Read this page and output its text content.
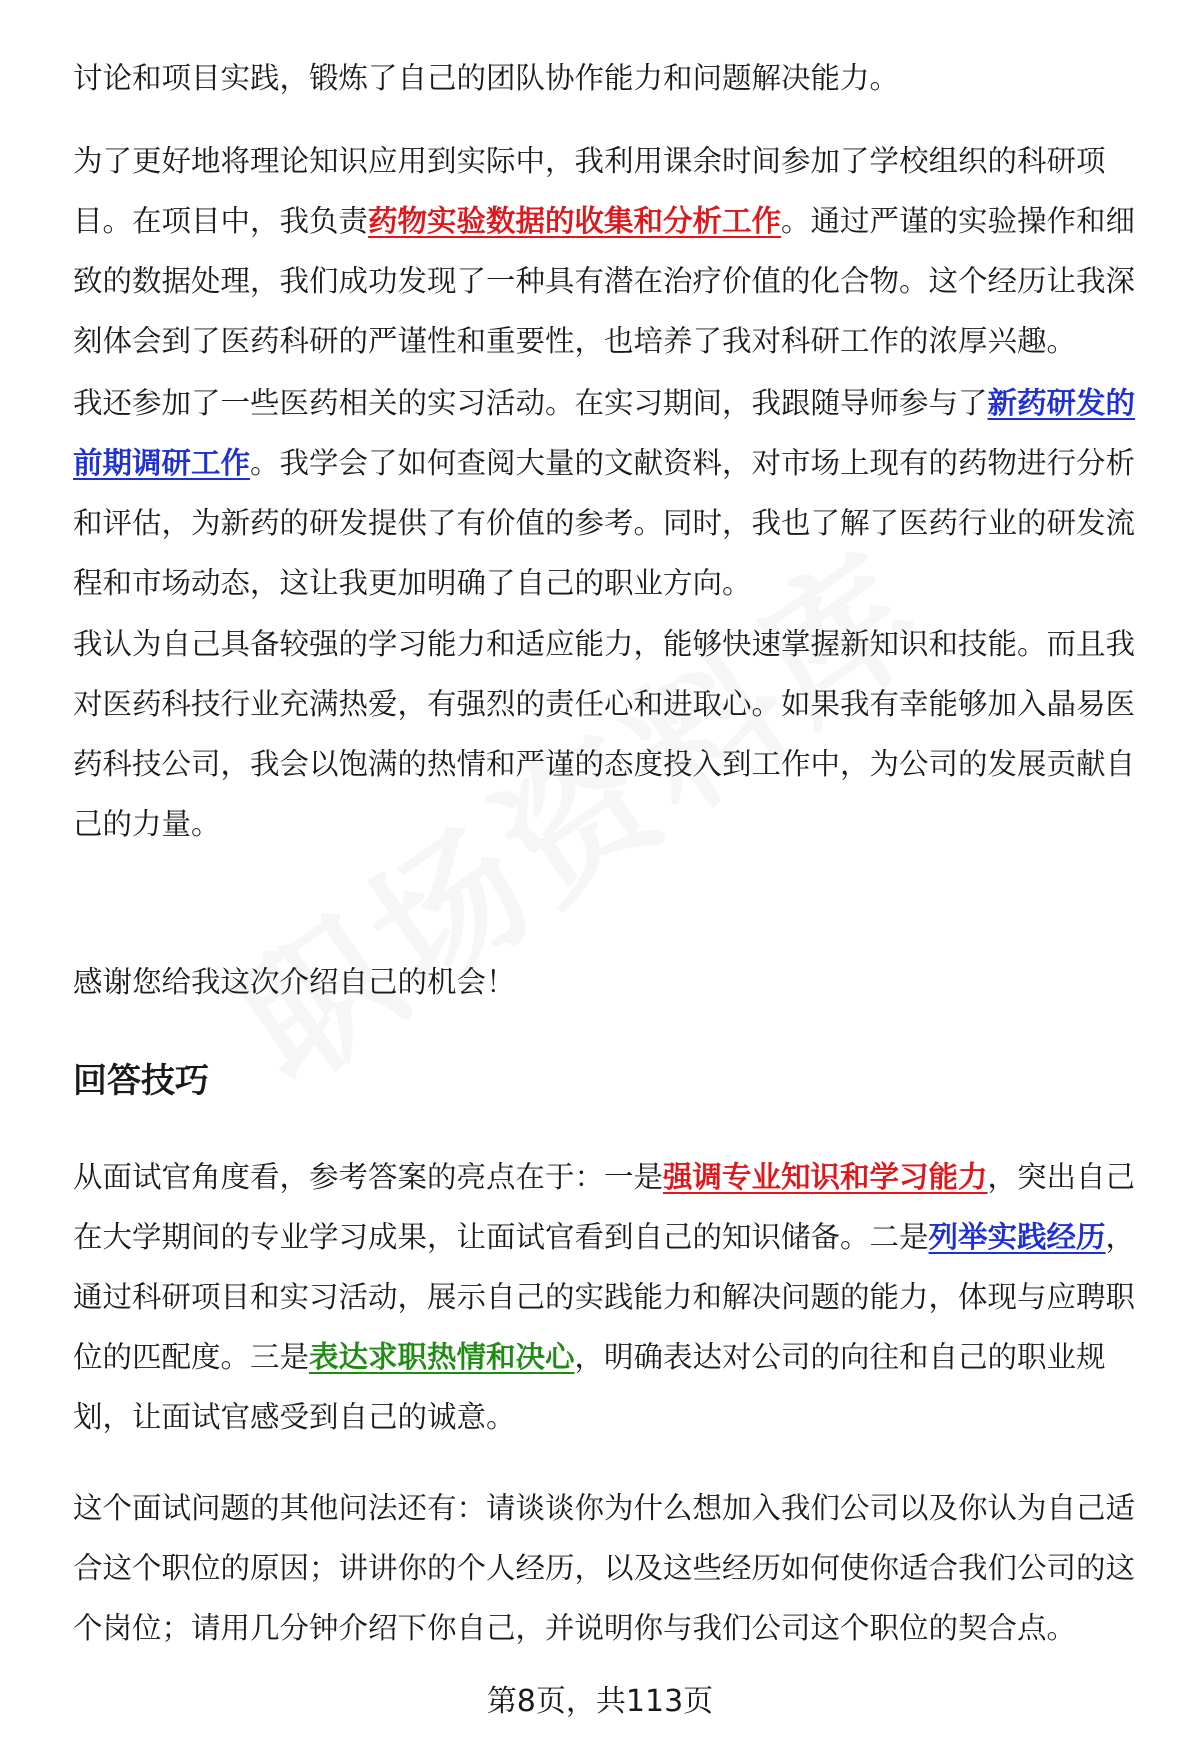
讨论和项目实践，锻炼了自己的团队协作能力和问题解决能力。

为了更好地将理论知识应用到实际中，我利用课余时间参加了学校组织的科研项目。在项目中，我负责药物实验数据的收集和分析工作。通过严谨的实验操作和细致的数据处理，我们成功发现了一种具有潜在治疗价值的化合物。这个经历让我深刻体会到了医药科研的严谨性和重要性，也培养了我对科研工作的浓厚兴趣。

我还参加了一些医药相关的实习活动。在实习期间，我跟随导师参与了新药研发的前期调研工作。我学会了如何查阅大量的文献资料，对市场上现有的药物进行分析和评估，为新药的研发提供了有价值的参考。同时，我也了解了医药行业的研发流程和市场动态，这让我更加明确了自己的职业方向。

我认为自己具备较强的学习能力和适应能力，能够快速掌握新知识和技能。而且我对医药科技行业充满热爱，有强烈的责任心和进取心。如果我有幸能够加入晶易医药科技公司，我会以饱满的热情和严谨的态度投入到工作中，为公司的发展贡献自己的力量。

感谢您给我这次介绍自己的机会！

回答技巧

从面试官角度看，参考答案的亮点在于：一是强调专业知识和学习能力，突出自己在大学期间的专业学习成果，让面试官看到自己的知识储备。二是列举实践经历，通过科研项目和实习活动，展示自己的实践能力和解决问题的能力，体现与应聘职位的匹配度。三是表达求职热情和决心，明确表达对公司的向往和自己的职业规划，让面试官感受到自己的诚意。

这个面试问题的其他问法还有：请谈谈你为什么想加入我们公司以及你认为自己适合这个职位的原因；讲讲你的个人经历，以及这些经历如何使你适合我们公司的这个岗位；请用几分钟介绍下你自己，并说明你与我们公司这个职位的契合点。

第8页，共113页
